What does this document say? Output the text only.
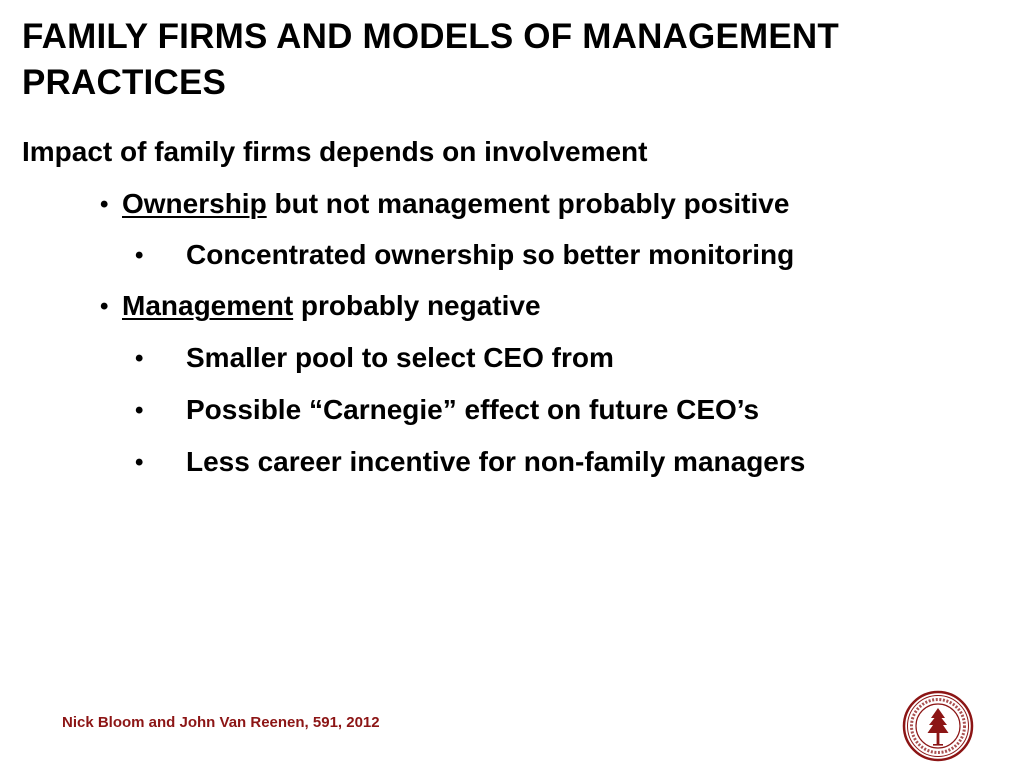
FAMILY FIRMS AND MODELS OF MANAGEMENT PRACTICES

Impact of family firms depends on involvement

• Ownership but not management probably positive
• Concentrated ownership so better monitoring
• Management probably negative
• Smaller pool to select CEO from
• Possible “Carnegie” effect on future CEO’s
• Less career incentive for non-family managers
Nick Bloom and John Van Reenen, 591, 2012
